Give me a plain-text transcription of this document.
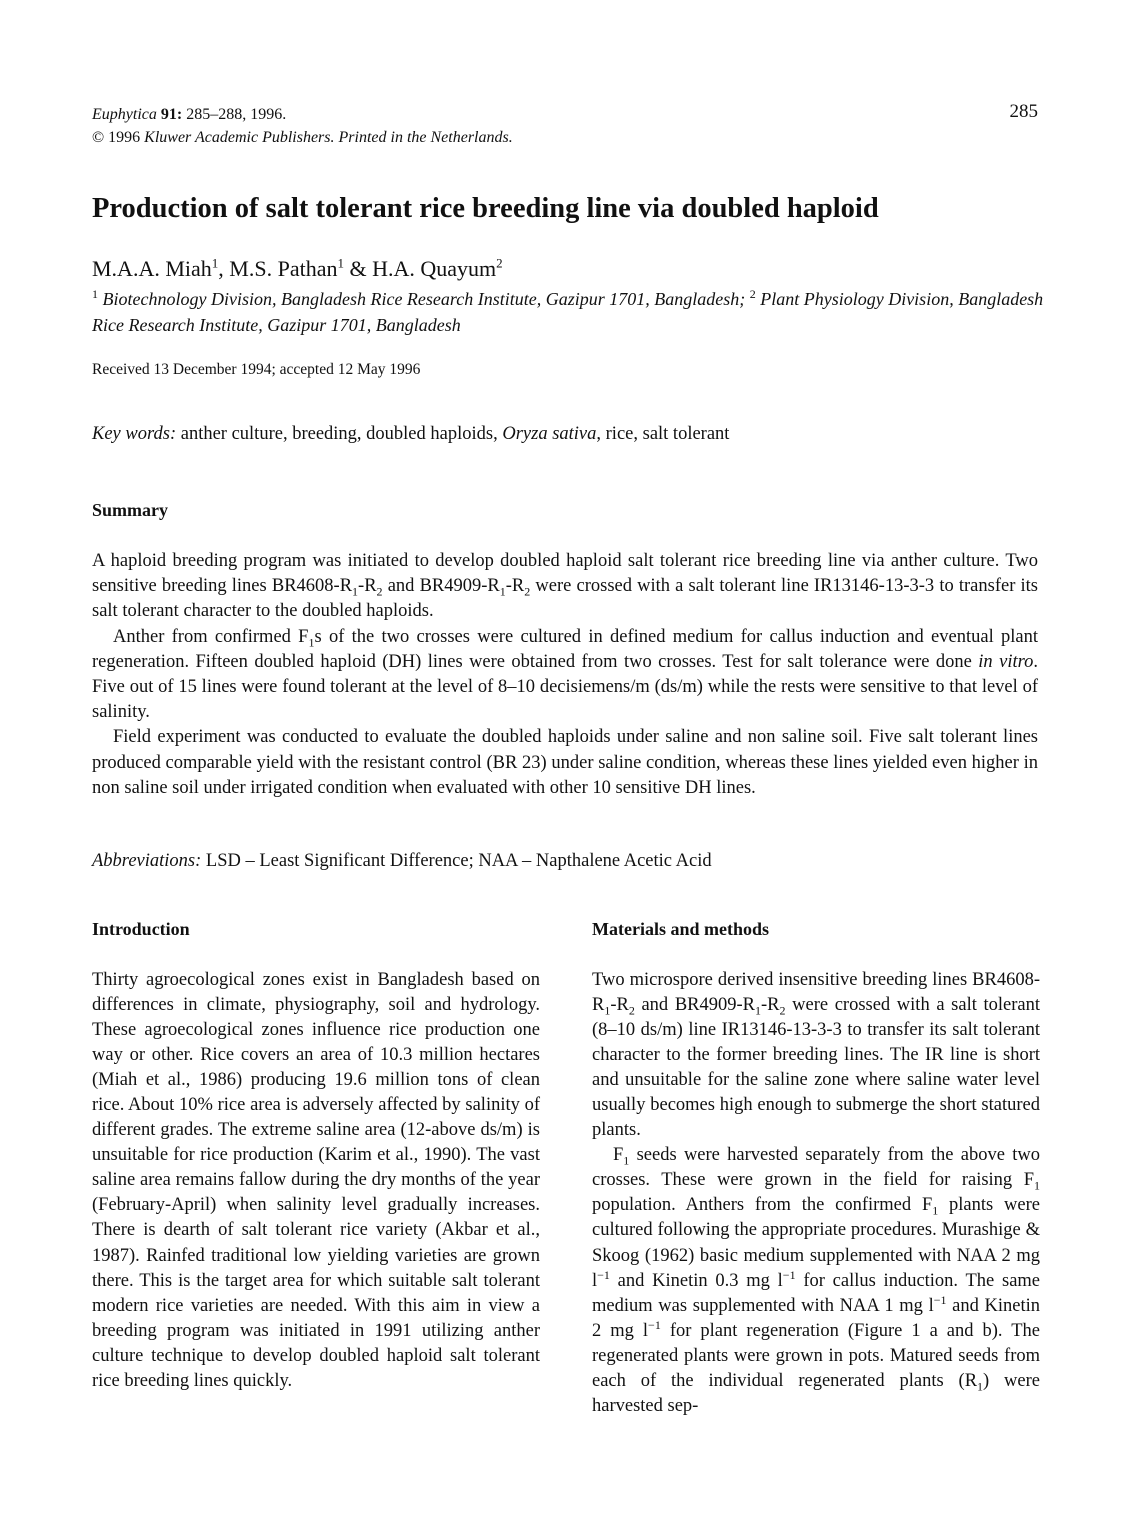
Euphytica 91: 285–288, 1996.
© 1996 Kluwer Academic Publishers. Printed in the Netherlands.
285
Production of salt tolerant rice breeding line via doubled haploid
M.A.A. Miah$^1$, M.S. Pathan$^1$ & H.A. Quayum$^2$
$^1$ Biotechnology Division, Bangladesh Rice Research Institute, Gazipur 1701, Bangladesh; $^2$ Plant Physiology Division, Bangladesh Rice Research Institute, Gazipur 1701, Bangladesh
Received 13 December 1994; accepted 12 May 1996
Key words: anther culture, breeding, doubled haploids, Oryza sativa, rice, salt tolerant
Summary

A haploid breeding program was initiated to develop doubled haploid salt tolerant rice breeding line via anther culture. Two sensitive breeding lines $BR4608-R_1-R_2$ and $BR4909-R_1-R_2$ were crossed with a salt tolerant line IR13146-13-3-3 to transfer its salt tolerant character to the doubled haploids.

Anther from confirmed $F_1s$ of the two crosses were cultured in defined medium for callus induction and eventual plant regeneration. Fifteen doubled haploid (DH) lines were obtained from two crosses. Test for salt tolerance were done in vitro. Five out of 15 lines were found tolerant at the level of 8–10 decisiemens/m (ds/m) while the rests were sensitive to that level of salinity.

Field experiment was conducted to evaluate the doubled haploids under saline and non saline soil. Five salt tolerant lines produced comparable yield with the resistant control (BR 23) under saline condition, whereas these lines yielded even higher in non saline soil under irrigated condition when evaluated with other 10 sensitive DH lines.

Abbreviations: LSD – Least Significant Difference; NAA – Napthalene Acetic Acid
Introduction

Thirty agroecological zones exist in Bangladesh based on differences in climate, physiography, soil and hydrology. These agroecological zones influence rice production one way or other. Rice covers an area of 10.3 million hectares (Miah et al., 1986) producing 19.6 million tons of clean rice. About 10% rice area is adversely affected by salinity of different grades. The extreme saline area (12-above ds/m) is unsuitable for rice production (Karim et al., 1990). The vast saline area remains fallow during the dry months of the year (February-April) when salinity level gradually increases. There is dearth of salt tolerant rice variety (Akbar et al., 1987). Rainfed traditional low yielding varieties are grown there. This is the target area for which suitable salt tolerant modern rice varieties are needed. With this aim in view a breeding program was initiated in 1991 utilizing anther culture technique to develop doubled haploid salt tolerant rice breeding lines quickly.

Materials and methods

Two microspore derived insensitive breeding lines $BR4608-R_1-R_2$ and $BR4909-R_1-R_2$ were crossed with a salt tolerant (8–10 ds/m) line IR13146-13-3-3 to transfer its salt tolerant character to the former breeding lines. The IR line is short and unsuitable for the saline zone where saline water level usually becomes high enough to submerge the short statured plants.

$F_1$ seeds were harvested separately from the above two crosses. These were grown in the field for raising $F_1$ population. Anthers from the confirmed $F_1$ plants were cultured following the appropriate procedures. Murashige & Skoog (1962) basic medium supplemented with NAA 2 mg $l^{-1}$ and Kinetin 0.3 mg $l^{-1}$ for callus induction. The same medium was supplemented with NAA 1 mg $l^{-1}$ and Kinetin 2 mg $l^{-1}$ for plant regeneration (Figure 1 a and b). The regenerated plants were grown in pots. Matured seeds from each of the individual regenerated plants $(R_1)$ were harvested sep-
